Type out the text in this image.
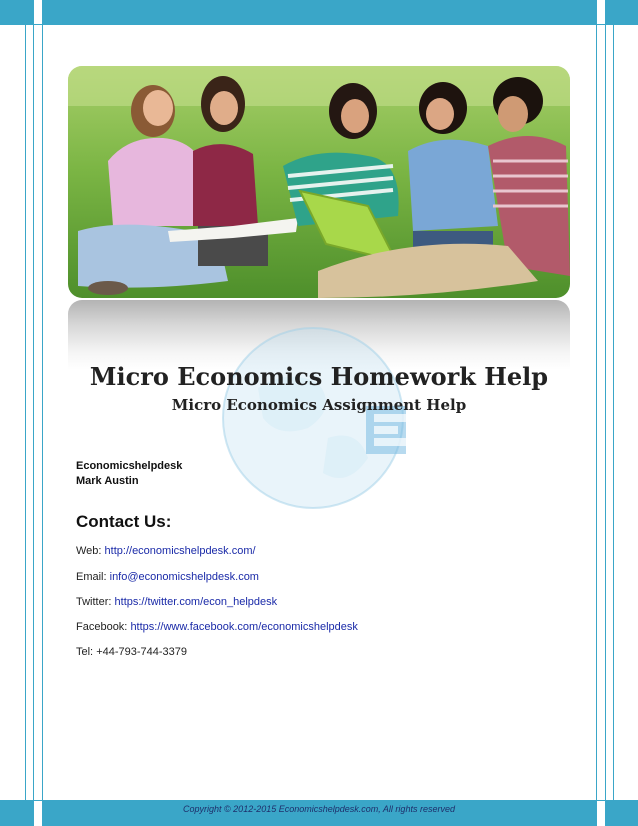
Micro Economics Homework Help
Micro Economics Assignment Help
Economicshelpdesk
Mark Austin
Contact Us:
Web: http://economicshelpdesk.com/
Email: info@economicshelpdesk.com
Twitter: https://twitter.com/econ_helpdesk
Facebook: https://www.facebook.com/economicshelpdesk
Tel: +44-793-744-3379
Copyright © 2012-2015 Economicshelpdesk.com, All rights reserved
